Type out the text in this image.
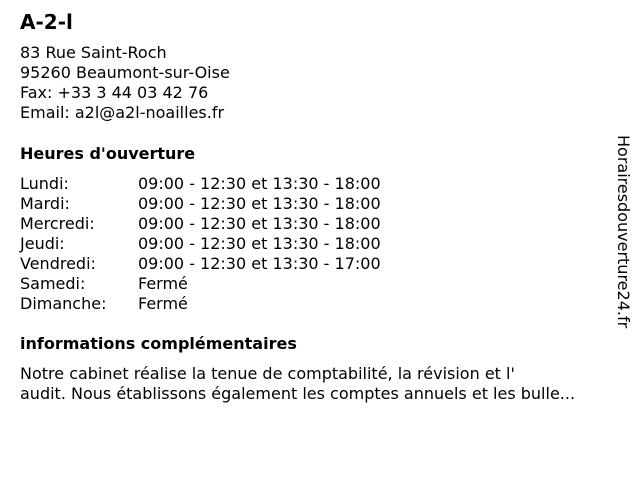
A-2-l
83 Rue Saint-Roch
95260 Beaumont-sur-Oise
Fax: +33 3 44 03 42 76
Email: a2l@a2l-noailles.fr
Heures d'ouverture
Lundi:	09:00 - 12:30 et 13:30 - 18:00
Mardi:	09:00 - 12:30 et 13:30 - 18:00
Mercredi:	09:00 - 12:30 et 13:30 - 18:00
Jeudi:	09:00 - 12:30 et 13:30 - 18:00
Vendredi:	09:00 - 12:30 et 13:30 - 17:00
Samedi:	Fermé
Dimanche:	Fermé
informations complémentaires
Notre cabinet réalise la tenue de comptabilité, la révision et l'
audit. Nous établissons également les comptes annuels et les bulle...
Horairesdouverture24.fr
